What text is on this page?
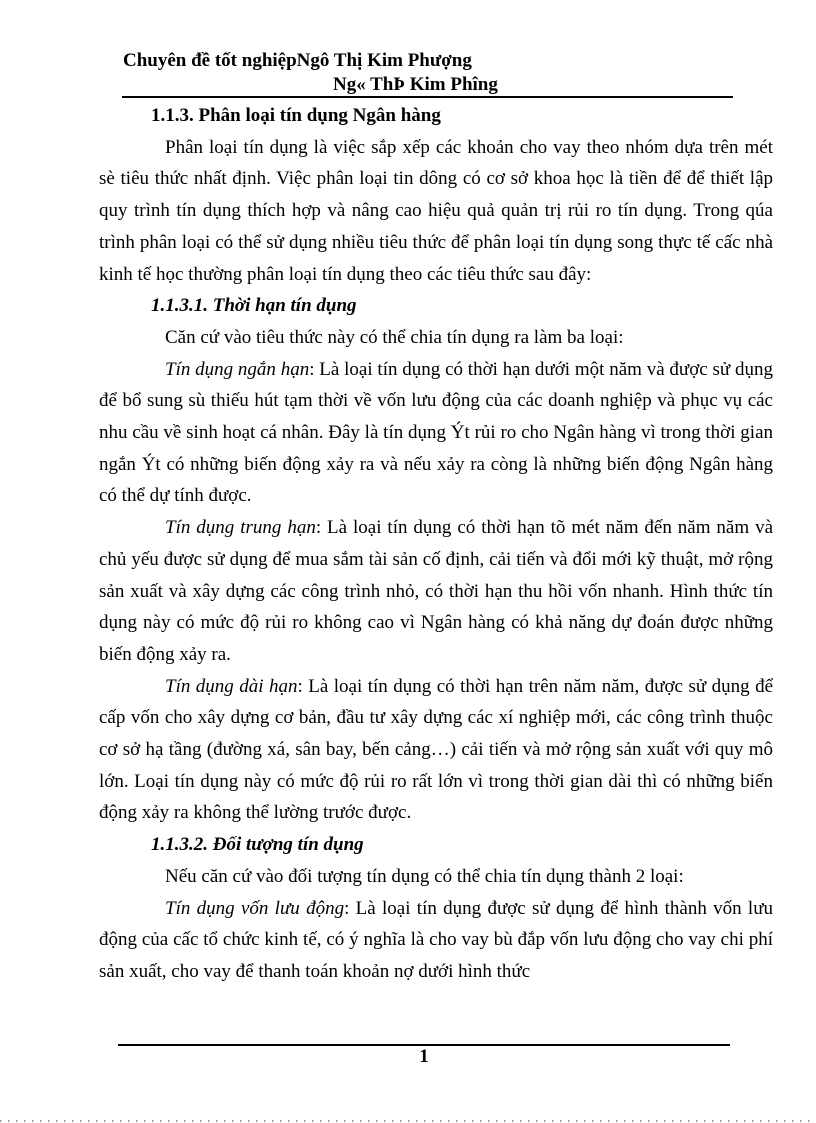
Chuyên đề tốt nghiệpNgô Thị Kim Phượng
Ng« ThÞ Kim Phîng

1.1.3. Phân loại tín dụng Ngân hàng

Phân loại tín dụng là việc sắp xếp các khoản cho vay theo nhóm dựa trên mét sè tiêu thức nhất định. Việc phân loại tin dông có cơ sở khoa học là tiền để để thiết lập quy trình tín dụng thích hợp và nâng cao hiệu quả quản trị rủi ro tín dụng. Trong qúa trình phân loại có thể sử dụng nhiều tiêu thức để phân loại tín dụng song thực tế cấc nhà kinh tế học thường phân loại tín dụng theo các tiêu thức sau đây:

1.1.3.1. Thời hạn tín dụng

Căn cứ vào tiêu thức này có thể chia tín dụng ra làm ba loại:

Tín dụng ngắn hạn: Là loại tín dụng có thời hạn dưới một năm và được sử dụng để bổ sung sù thiếu hút tạm thời về vốn lưu động của các doanh nghiệp và phục vụ các nhu cầu về sinh hoạt cá nhân. Đây là tín dụng Ýt rủi ro cho Ngân hàng vì trong thời gian ngắn Ýt có những biến động xảy ra và nếu xảy ra còng là những biến động Ngân hàng có thể dự tính được.

Tín dụng trung hạn: Là loại tín dụng có thời hạn tõ mét năm đến năm năm và chủ yếu được sử dụng để mua sắm tài sản cố định, cải tiến và đổi mới kỹ thuật, mở rộng sản xuất và xây dựng các công trình nhỏ, có thời hạn thu hồi vốn nhanh. Hình thức tín dụng này có mức độ rủi ro không cao vì Ngân hàng có khả năng dự đoán được những biến động xảy ra.

Tín dụng dài hạn: Là loại tín dụng có thời hạn trên năm năm, được sử dụng để cấp vốn cho xây dựng cơ bản, đầu tư xây dựng các xí nghiệp mới, các công trình thuộc cơ sở hạ tầng (đường xá, sân bay, bến cảng…) cải tiến và mở rộng sản xuất với quy mô lớn. Loại tín dụng này có mức độ rủi ro rất lớn vì trong thời gian dài thì có những biến động xảy ra không thể lường trước được.

1.1.3.2. Đối tượng tín dụng

Nếu căn cứ vào đối tượng tín dụng có thể chia tín dụng thành 2 loại:

Tín dụng vốn lưu động: Là loại tín dụng được sử dụng để hình thành vốn lưu động của cấc tổ chức kinh tế, có ý nghĩa là cho vay bù đắp vốn lưu động cho vay chi phí sản xuất, cho vay để thanh toán khoản nợ dưới hình thức

1
